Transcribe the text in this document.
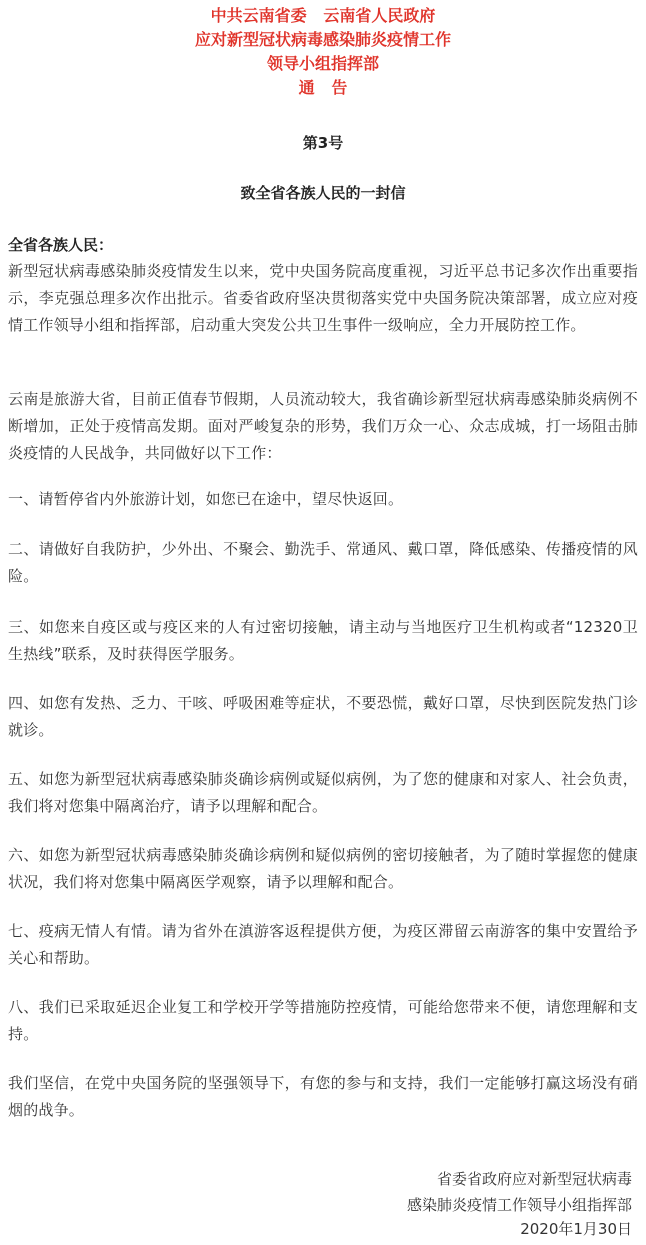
中共云南省委   云南省人民政府
应对新型冠状病毒感染肺炎疫情工作
领导小组指挥部
通   告
第3号
致全省各族人民的一封信
全省各族人民：
新型冠状病毒感染肺炎疫情发生以来，党中央国务院高度重视，习近平总书记多次作出重要指示，李克强总理多次作出批示。省委省政府坚决贯彻落实党中央国务院决策部署，成立应对疫情工作领导小组和指挥部，启动重大突发公共卫生事件一级响应，全力开展防控工作。
云南是旅游大省，目前正值春节假期，人员流动较大，我省确诊新型冠状病毒感染肺炎病例不断增加，正处于疫情高发期。面对严峻复杂的形势，我们万众一心、众志成城，打一场阻击肺炎疫情的人民战争，共同做好以下工作：
一、请暂停省内外旅游计划，如您已在途中，望尽快返回。
二、请做好自我防护，少外出、不聚会、勤洗手、常通风、戴口罩，降低感染、传播疫情的风险。
三、如您来自疫区或与疫区来的人有过密切接触，请主动与当地医疗卫生机构或者“12320卫生热线”联系，及时获得医学服务。
四、如您有发热、乏力、干咳、呼吸困难等症状，不要恐慌，戴好口罩，尽快到医院发热门诊就诊。
五、如您为新型冠状病毒感染肺炎确诊病例或疑似病例，为了您的健康和对家人、社会负责，我们将对您集中隔离治疗，请予以理解和配合。
六、如您为新型冠状病毒感染肺炎确诊病例和疑似病例的密切接触者，为了随时掌握您的健康状况，我们将对您集中隔离医学观察，请予以理解和配合。
七、疫病无情人有情。请为省外在滇游客返程提供方便，为疫区滞留云南游客的集中安置给予关心和帮助。
八、我们已采取延迟企业复工和学校开学等措施防控疫情，可能给您带来不便，请您理解和支持。
我们坚信，在党中央国务院的坚强领导下，有您的参与和支持，我们一定能够打赢这场没有硝烟的战争。
省委省政府应对新型冠状病毒
感染肺炎疫情工作领导小组指挥部
2020年1月30日
